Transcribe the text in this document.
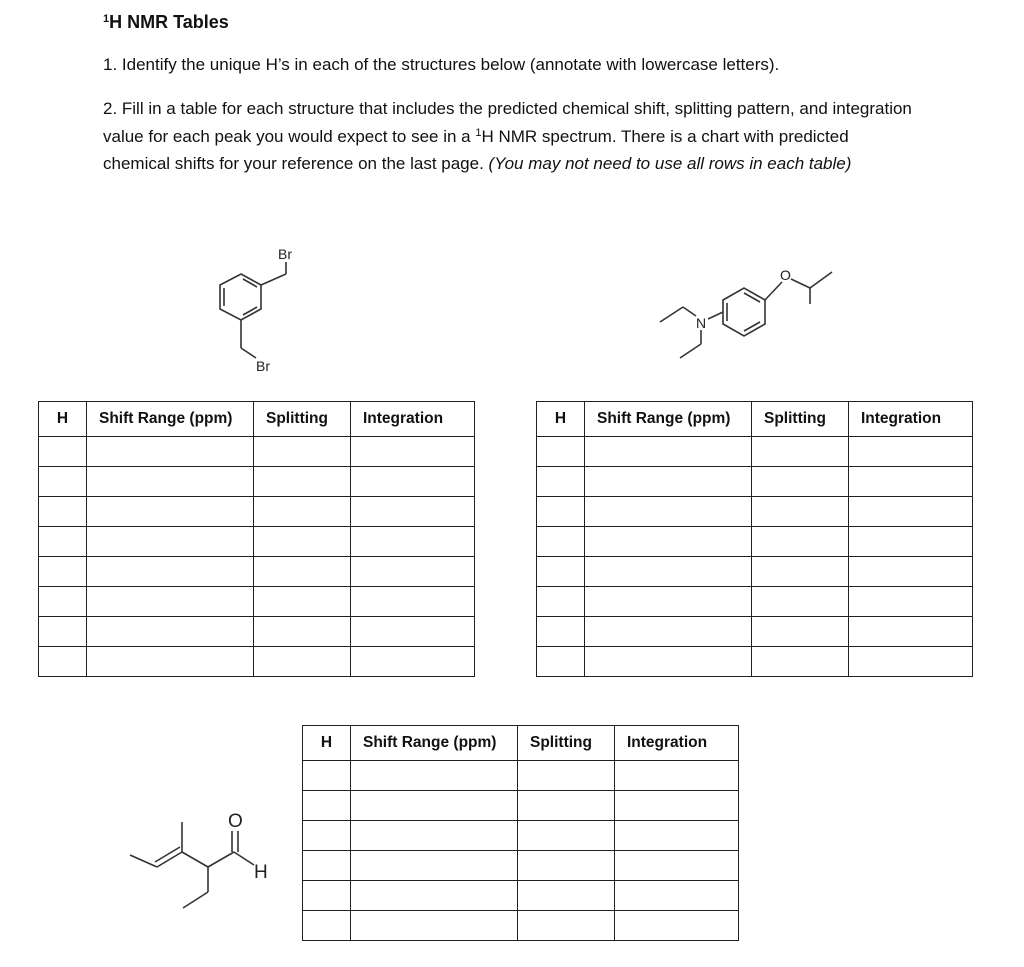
$^1$H NMR Tables
1. Identify the unique H’s in each of the structures below (annotate with lowercase letters).
2. Fill in a table for each structure that includes the predicted chemical shift, splitting pattern, and integration value for each peak you would expect to see in a $^1$H NMR spectrum. There is a chart with predicted chemical shifts for your reference on the last page. (You may not need to use all rows in each table)
Br
Br
N
O
O
H
H	Shift Range (ppm)	Splitting	Integration

				H	Shift Range (ppm)	Splitting	Integration

H	Shift Range (ppm)	Splitting	Integration
